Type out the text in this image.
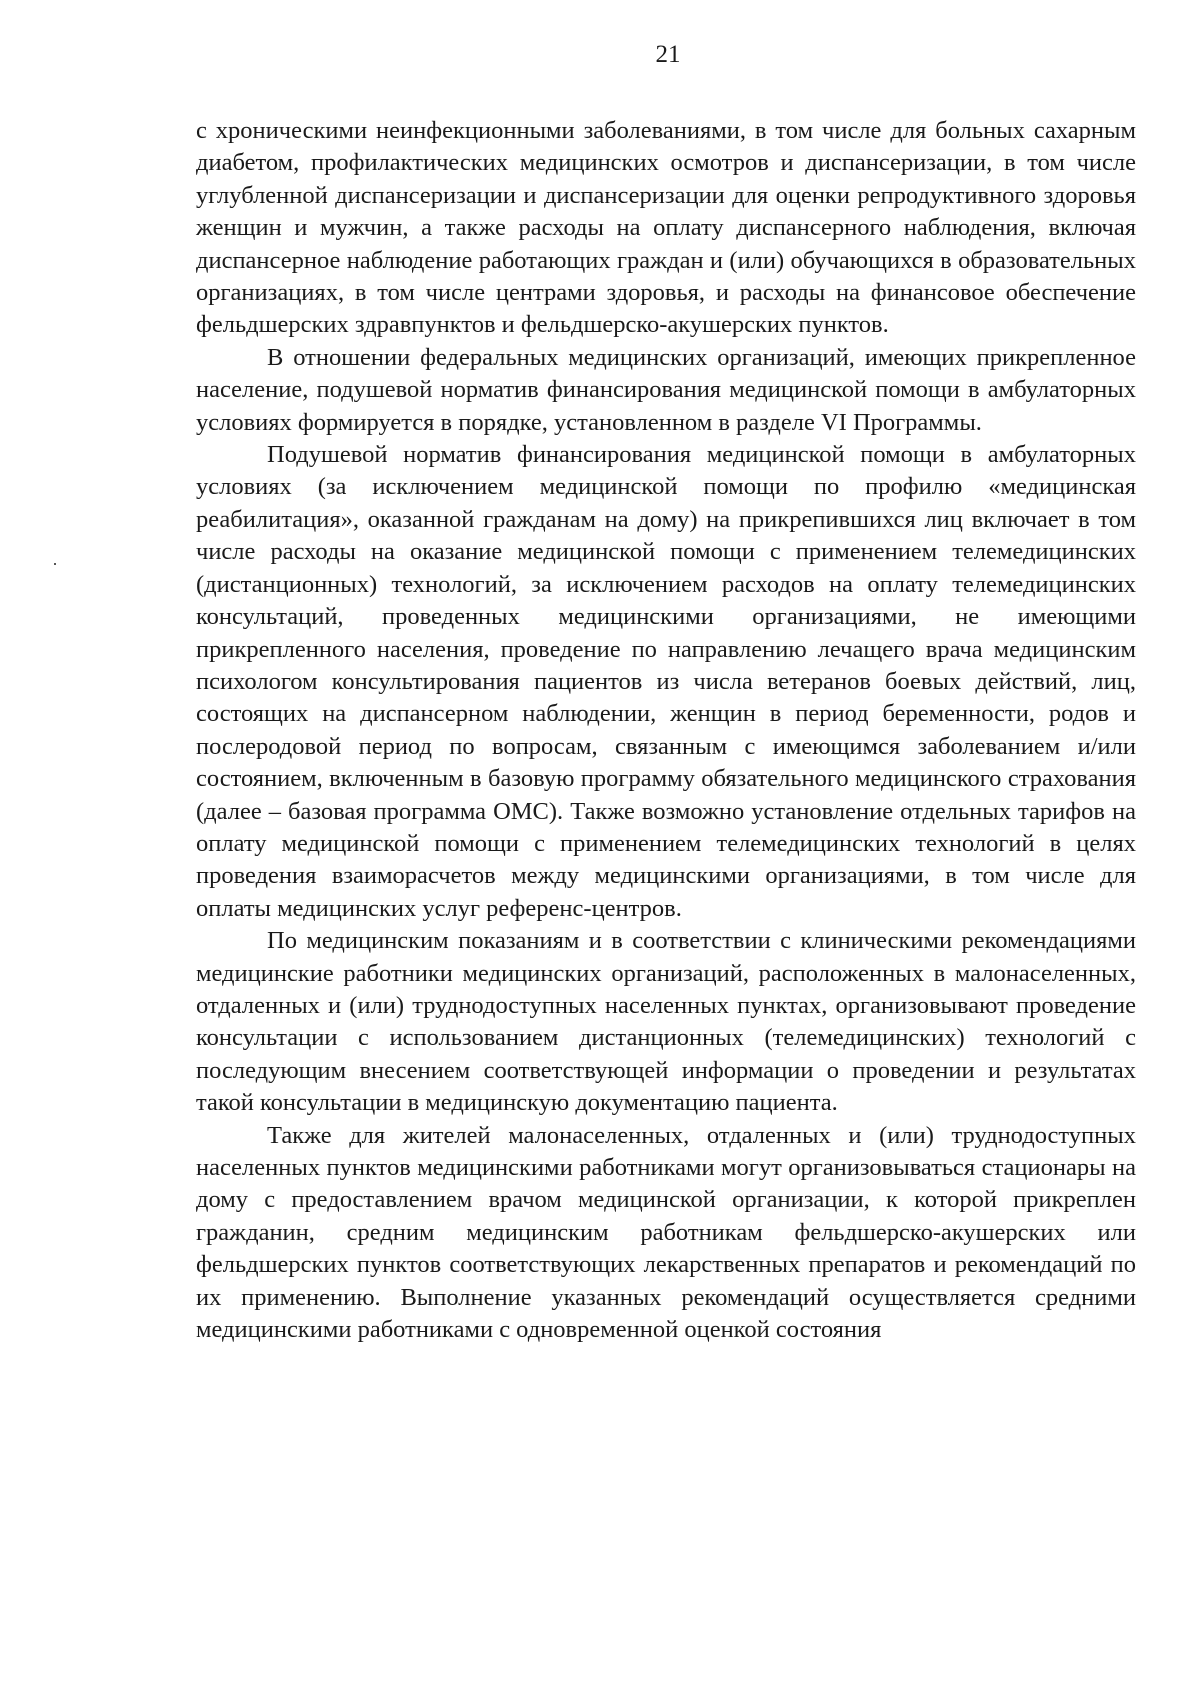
21

с хроническими неинфекционными заболеваниями, в том числе для больных сахарным диабетом, профилактических медицинских осмотров и диспансеризации, в том числе углубленной диспансеризации и диспансеризации для оценки репродуктивного здоровья женщин и мужчин, а также расходы на оплату диспансерного наблюдения, включая диспансерное наблюдение работающих граждан и (или) обучающихся в образовательных организациях, в том числе центрами здоровья, и расходы на финансовое обеспечение фельдшерских здравпунктов и фельдшерско-акушерских пунктов.

В отношении федеральных медицинских организаций, имеющих прикрепленное население, подушевой норматив финансирования медицинской помощи в амбулаторных условиях формируется в порядке, установленном в разделе VI Программы.

Подушевой норматив финансирования медицинской помощи в амбулаторных условиях (за исключением медицинской помощи по профилю «медицинская реабилитация», оказанной гражданам на дому) на прикрепившихся лиц включает в том числе расходы на оказание медицинской помощи с применением телемедицинских (дистанционных) технологий, за исключением расходов на оплату телемедицинских консультаций, проведенных медицинскими организациями, не имеющими прикрепленного населения, проведение по направлению лечащего врача медицинским психологом консультирования пациентов из числа ветеранов боевых действий, лиц, состоящих на диспансерном наблюдении, женщин в период беременности, родов и послеродовой период по вопросам, связанным с имеющимся заболеванием и/или состоянием, включенным в базовую программу обязательного медицинского страхования (далее – базовая программа ОМС). Также возможно установление отдельных тарифов на оплату медицинской помощи с применением телемедицинских технологий в целях проведения взаиморасчетов между медицинскими организациями, в том числе для оплаты медицинских услуг референс-центров.

По медицинским показаниям и в соответствии с клиническими рекомендациями медицинские работники медицинских организаций, расположенных в малонаселенных, отдаленных и (или) труднодоступных населенных пунктах, организовывают проведение консультации с использованием дистанционных (телемедицинских) технологий с последующим внесением соответствующей информации о проведении и результатах такой консультации в медицинскую документацию пациента.

Также для жителей малонаселенных, отдаленных и (или) труднодоступных населенных пунктов медицинскими работниками могут организовываться стационары на дому с предоставлением врачом медицинской организации, к которой прикреплен гражданин, средним медицинским работникам фельдшерско-акушерских или фельдшерских пунктов соответствующих лекарственных препаратов и рекомендаций по их применению. Выполнение указанных рекомендаций осуществляется средними медицинскими работниками с одновременной оценкой состояния
